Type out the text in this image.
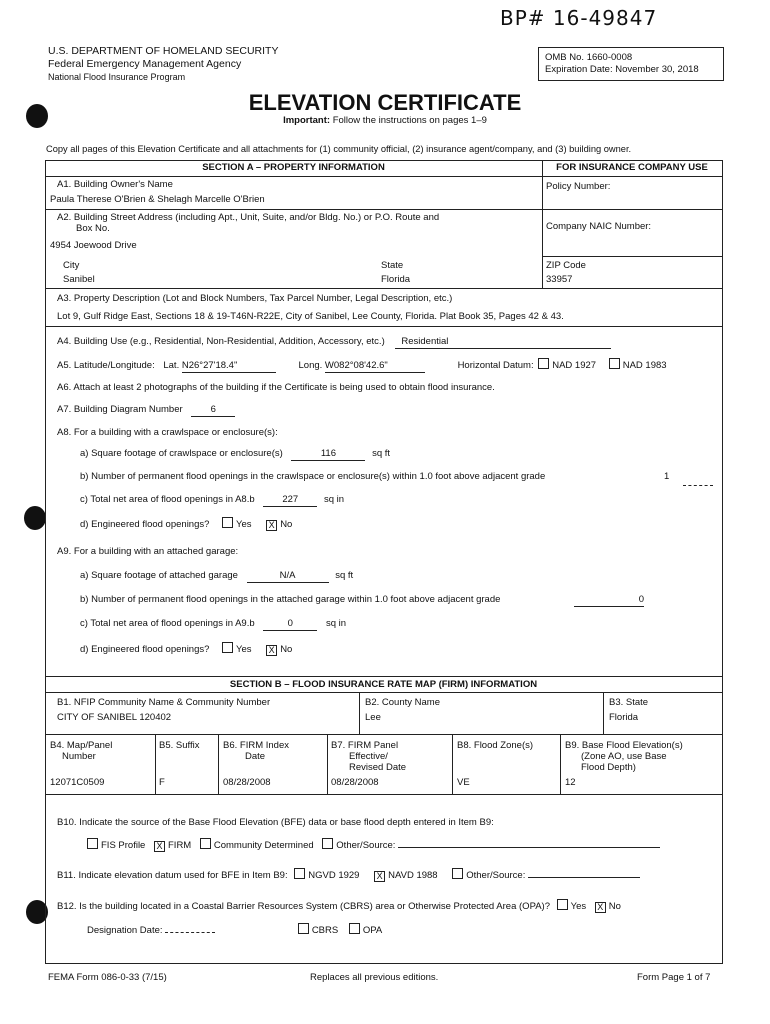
BP# 16-49847
U.S. DEPARTMENT OF HOMELAND SECURITY
Federal Emergency Management Agency
National Flood Insurance Program
OMB No. 1660-0008
Expiration Date: November 30, 2018
ELEVATION CERTIFICATE
Important: Follow the instructions on pages 1–9
Copy all pages of this Elevation Certificate and all attachments for (1) community official, (2) insurance agent/company, and (3) building owner.
SECTION A – PROPERTY INFORMATION	FOR INSURANCE COMPANY USE
A1. Building Owner's Name
Paula Therese O'Brien & Shelagh Marcelle O'Brien
Policy Number:
A2. Building Street Address (including Apt., Unit, Suite, and/or Bldg. No.) or P.O. Route and
Box No.
4954 Joewood Drive
Company NAIC Number:
City
Sanibel
State
Florida
ZIP Code
33957
A3. Property Description (Lot and Block Numbers, Tax Parcel Number, Legal Description, etc.)
Lot 9, Gulf Ridge East, Sections 18 & 19-T46N-R22E, City of Sanibel, Lee County, Florida. Plat Book 35, Pages 42 & 43.
A4. Building Use (e.g., Residential, Non-Residential, Addition, Accessory, etc.) Residential
A5. Latitude/Longitude: Lat. N26°27'18.4"	Long. W082°08'42.6"	Horizontal Datum: NAD 1927	NAD 1983
A6. Attach at least 2 photographs of the building if the Certificate is being used to obtain flood insurance.
A7. Building Diagram Number	6
A8. For a building with a crawlspace or enclosure(s):
a) Square footage of crawlspace or enclosure(s)	116	sq ft
b) Number of permanent flood openings in the crawlspace or enclosure(s) within 1.0 foot above adjacent grade	1
c) Total net area of flood openings in A8.b	227	sq in
d) Engineered flood openings?	Yes X No
A9. For a building with an attached garage:
a) Square footage of attached garage	N/A	sq ft
b) Number of permanent flood openings in the attached garage within 1.0 foot above adjacent grade	0
c) Total net area of flood openings in A9.b	0	sq in
d) Engineered flood openings?	Yes X No
SECTION B – FLOOD INSURANCE RATE MAP (FIRM) INFORMATION
B1. NFIP Community Name & Community Number
CITY OF SANIBEL 120402
B2. County Name
Lee
B3. State
Florida
B4. Map/Panel
Number
12071C0509
B5. Suffix
F
B6. FIRM Index
Date
08/28/2008
B7. FIRM Panel
Effective/
Revised Date
08/28/2008
B8. Flood Zone(s)
VE
B9. Base Flood Elevation(s)
(Zone AO, use Base
Flood Depth)
12
B10. Indicate the source of the Base Flood Elevation (BFE) data or base flood depth entered in Item B9:
FIS Profile X FIRM Community Determined Other/Source:
B11. Indicate elevation datum used for BFE in Item B9: NGVD 1929 X NAVD 1988	Other/Source:
B12. Is the building located in a Coastal Barrier Resources System (CBRS) area or Otherwise Protected Area (OPA)? Yes X No
Designation Date:	CBRS	OPA
FEMA Form 086-0-33 (7/15)	Replaces all previous editions.	Form Page 1 of 7
